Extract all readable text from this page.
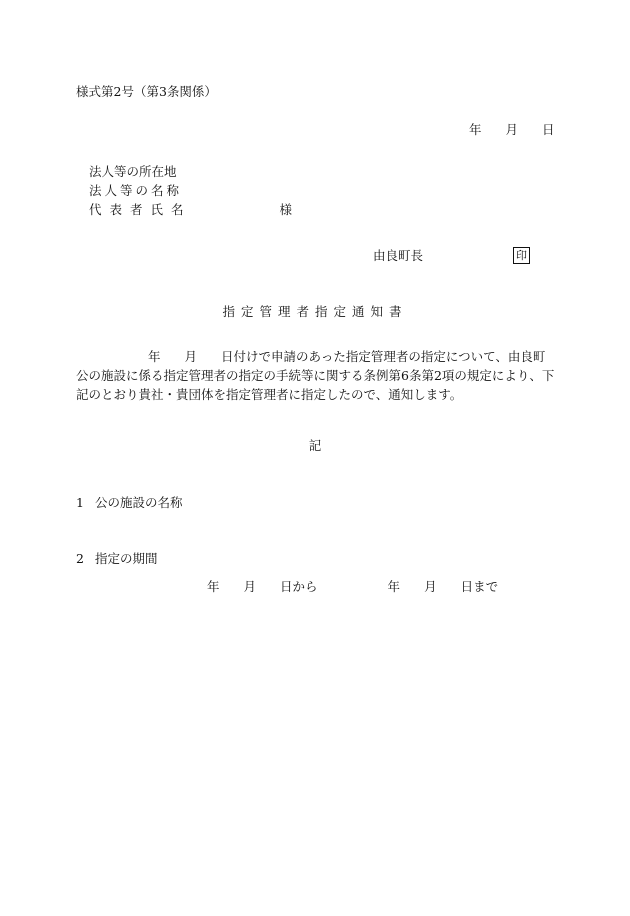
様式第2号（第3条関係）
年 月 日
法人等の所在地
法人等の名称
代表者氏名	様
由良町長	印
指定管理者指定通知書
年 月 日付けで申請のあった指定管理者の指定について、由良町公の施設に係る指定管理者の指定の手続等に関する条例第6条第2項の規定により、下記のとおり貴社・貴団体を指定管理者に指定したので、通知します。
記
1 公の施設の名称
2 指定の期間
年 月 日から	年 月 日まで
